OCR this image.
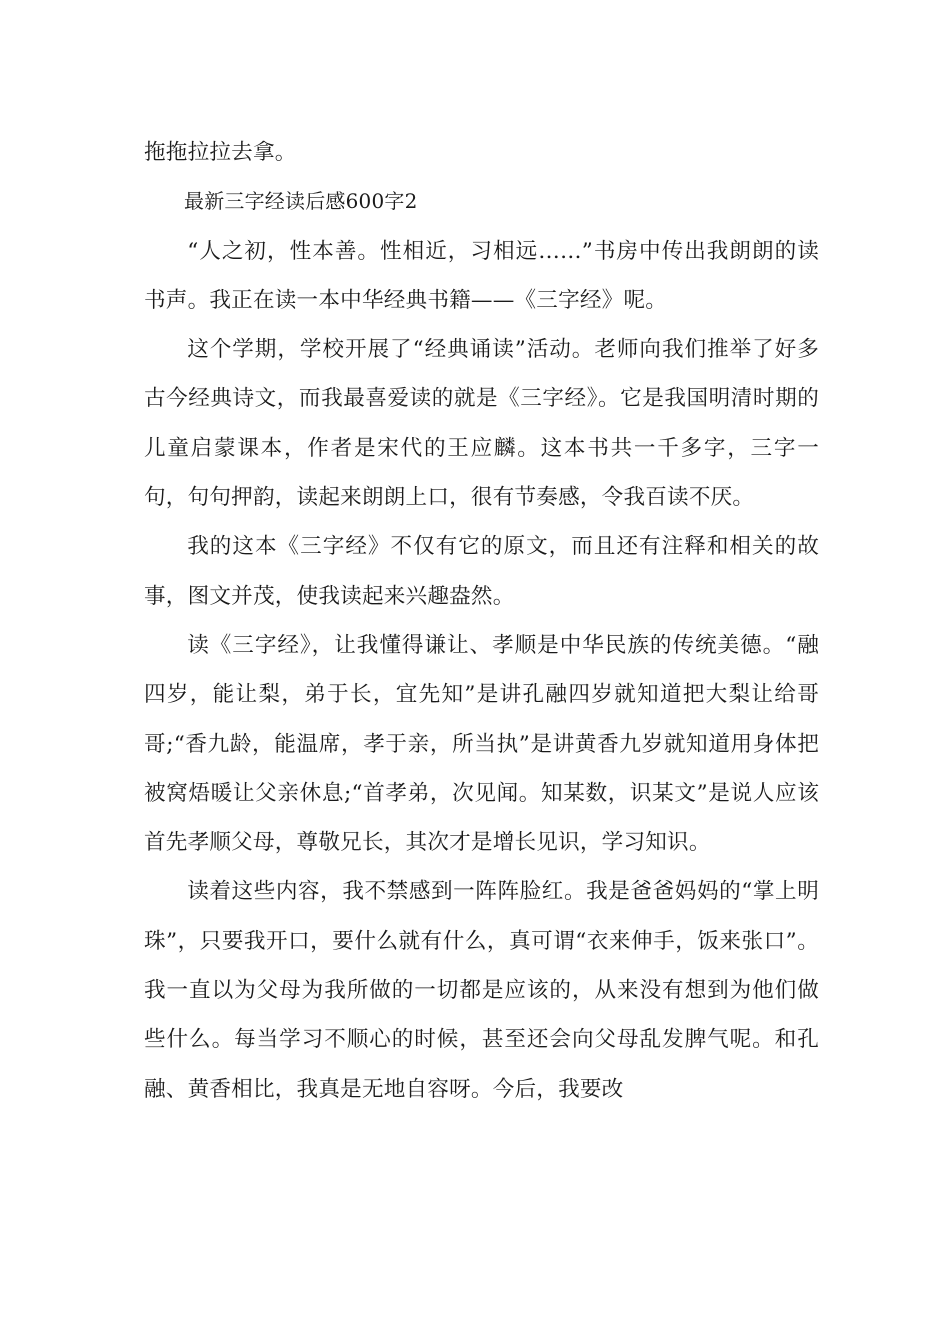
拖拖拉拉去拿。

最新三字经读后感600字2

“人之初，性本善。性相近，习相远……”书房中传出我朗朗的读书声。我正在读一本中华经典书籍——《三字经》呢。

这个学期，学校开展了“经典诵读”活动。老师向我们推举了好多古今经典诗文，而我最喜爱读的就是《三字经》。它是我国明清时期的儿童启蒙课本，作者是宋代的王应麟。这本书共一千多字，三字一句，句句押韵，读起来朗朗上口，很有节奏感，令我百读不厌。

我的这本《三字经》不仅有它的原文，而且还有注释和相关的故事，图文并茂，使我读起来兴趣盎然。

读《三字经》，让我懂得谦让、孝顺是中华民族的传统美德。“融四岁，能让梨，弟于长，宜先知”是讲孔融四岁就知道把大梨让给哥哥;“香九龄，能温席，孝于亲，所当执”是讲黄香九岁就知道用身体把被窝焐暖让父亲休息;“首孝弟，次见闻。知某数，识某文”是说人应该首先孝顺父母，尊敬兄长，其次才是增长见识，学习知识。

读着这些内容，我不禁感到一阵阵脸红。我是爸爸妈妈的“掌上明珠”，只要我开口，要什么就有什么，真可谓“衣来伸手，饭来张口”。我一直以为父母为我所做的一切都是应该的，从来没有想到为他们做些什么。每当学习不顺心的时候，甚至还会向父母乱发脾气呢。和孔融、黄香相比，我真是无地自容呀。今后，我要改
